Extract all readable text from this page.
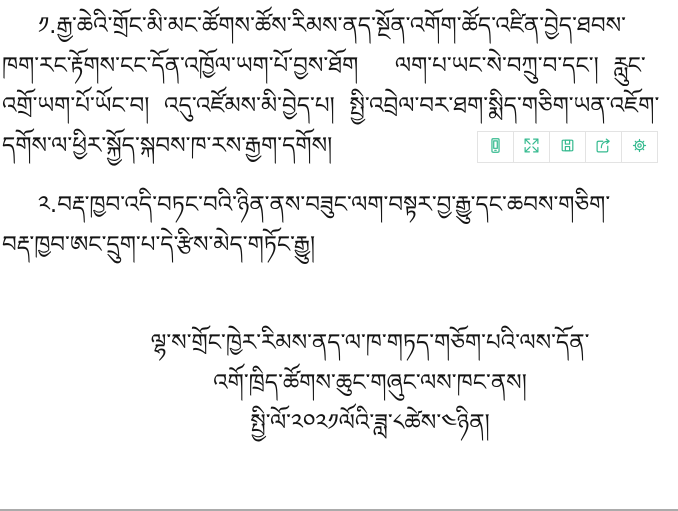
༡.རྒྱ་ཆེའི་གྲོང་མི་མང་ཚོགས་ཚོས་རིམས་ནད་སྔོན་འགོག་ཚོད་འཛིན་བྱེད་ཐབས་
ཁག་རང་རྟོགས་ངང་དོན་འཁྱོལ་ཡག་པོ་བྱས་ཐོག     ལག་པ་ཡང་སེ་བཀྲུ་བ་དང་།  རླུང་
འགྲོ་ཡག་པོ་ཡོང་བ།  འདུ་འཛོམས་མི་བྱེད་པ།  སྤྱི་འབྲེལ་བར་ཐག་སྨིད་གཅིག་ཡན་འཇོག་
དགོས་ལ་ཕྱིར་སྐྱོད་སྐབས་ཁ་རས་རྒྱག་དགོས།
༢.བརྡ་ཁྱབ་འདི་བཏང་བའི་ཉིན་ནས་བཟུང་ལག་བསྟར་བྱ་རྒྱུ་དང་ཆབས་གཅིག་
བརྡ་ཁྱབ་ཨང་དྲུག་པ་དེ་རྩིས་མེད་གཏོང་རྒྱུ།
ལྷ་ས་གྲོང་ཁྱེར་རིམས་ནད་ལ་ཁ་གཏད་གཅོག་པའི་ལས་དོན་
འགོ་ཁྲིད་ཚོགས་ཆུང་གཞུང་ལས་ཁང་ནས།
སྤྱི་ལོ་༢༠༢༡ལོའི་ཟླ་༨ཚེས་༤ཉིན།
